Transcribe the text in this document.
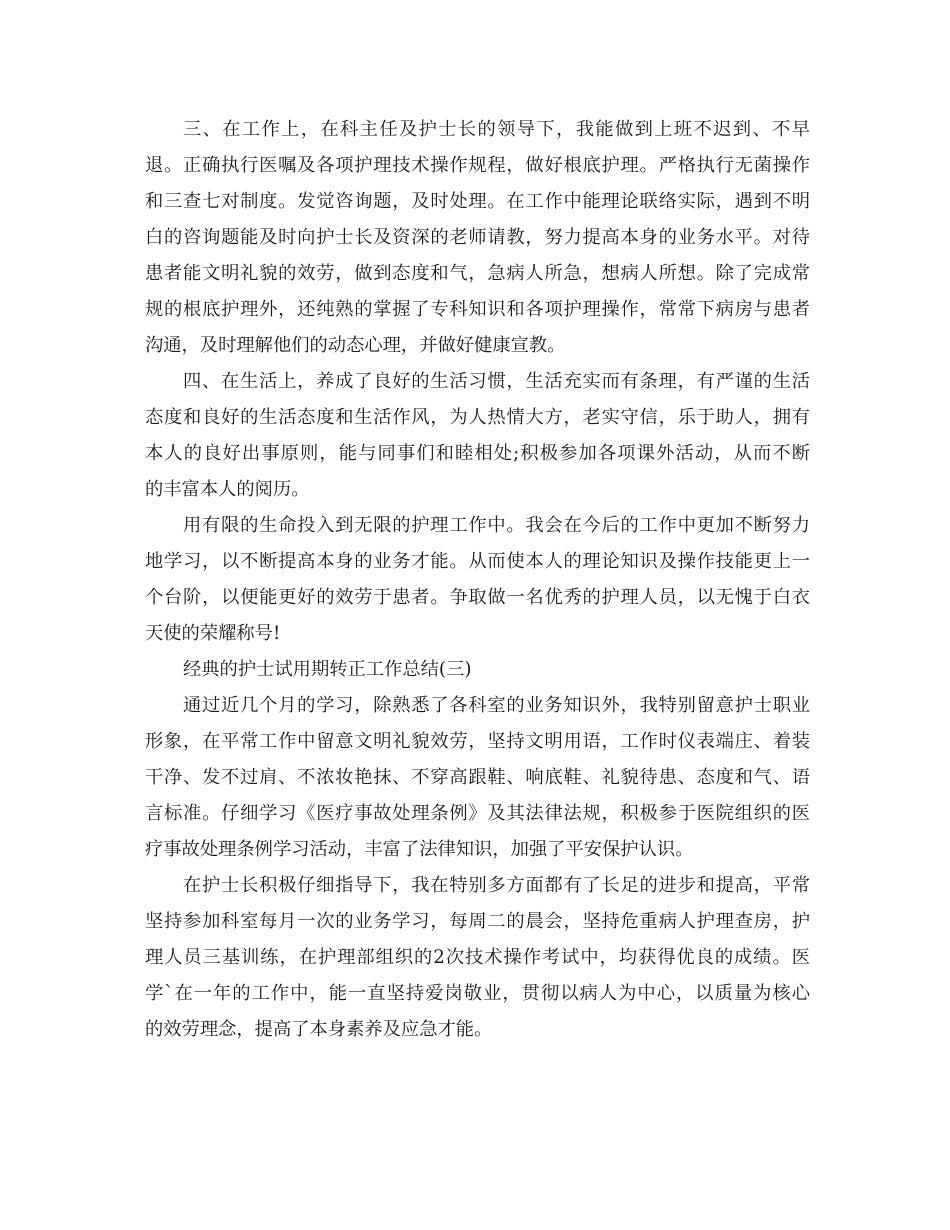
三、在工作上，在科主任及护士长的领导下，我能做到上班不迟到、不早
退。正确执行医嘱及各项护理技术操作规程，做好根底护理。严格执行无菌操作
和三查七对制度。发觉咨询题，及时处理。在工作中能理论联络实际，遇到不明
白的咨询题能及时向护士长及资深的老师请教，努力提高本身的业务水平。对待
患者能文明礼貌的效劳，做到态度和气，急病人所急，想病人所想。除了完成常
规的根底护理外，还纯熟的掌握了专科知识和各项护理操作，常常下病房与患者
沟通，及时理解他们的动态心理，并做好健康宣教。
四、在生活上，养成了良好的生活习惯，生活充实而有条理，有严谨的生活
态度和良好的生活态度和生活作风，为人热情大方，老实守信，乐于助人，拥有
本人的良好出事原则，能与同事们和睦相处;积极参加各项课外活动，从而不断
的丰富本人的阅历。
用有限的生命投入到无限的护理工作中。我会在今后的工作中更加不断努力
地学习，以不断提高本身的业务才能。从而使本人的理论知识及操作技能更上一
个台阶，以便能更好的效劳于患者。争取做一名优秀的护理人员，以无愧于白衣
天使的荣耀称号!
经典的护士试用期转正工作总结(三)
通过近几个月的学习，除熟悉了各科室的业务知识外，我特别留意护士职业
形象，在平常工作中留意文明礼貌效劳，坚持文明用语，工作时仪表端庄、着装
干净、发不过肩、不浓妆艳抹、不穿高跟鞋、响底鞋、礼貌待患、态度和气、语
言标准。仔细学习《医疗事故处理条例》及其法律法规，积极参于医院组织的医
疗事故处理条例学习活动，丰富了法律知识，加强了平安保护认识。
在护士长积极仔细指导下，我在特别多方面都有了长足的进步和提高，平常
坚持参加科室每月一次的业务学习，每周二的晨会，坚持危重病人护理查房，护
理人员三基训练，在护理部组织的2次技术操作考试中，均获得优良的成绩。医
学`在一年的工作中，能一直坚持爱岗敬业，贯彻以病人为中心，以质量为核心
的效劳理念，提高了本身素养及应急才能。
